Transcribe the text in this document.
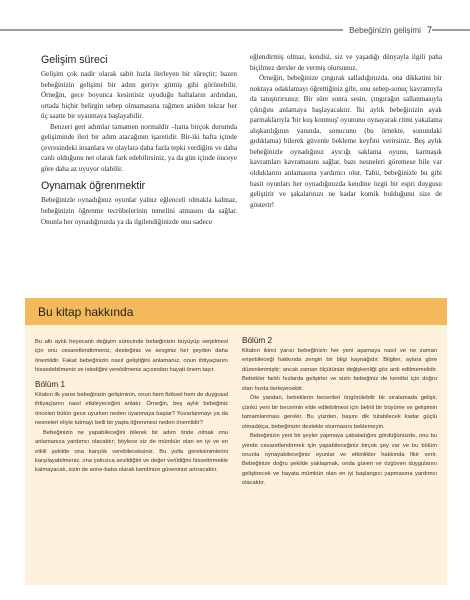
Bebeğinizin gelişimi 7
Gelişim süreci

Gelişim çok nadir olarak sabit hızla ilerleyen bir süreçtir; bazen bebeğinizin gelişimi bir adım geriye gitmiş gibi görünebilir. Örneğin, gece boyunca kesintisiz uyuduğu haftaların ardından, ortada hiçbir belirgin sebep olmamasına rağmen aniden tekrar her üç saatte bir uyanmaya başlayabilir.

Benzeri geri adımlar tamamen normaldir –hatta birçok durumda gelişiminde ileri bir adım atacağının işaretidir. Bir-iki hafta içinde çevresindeki insanlara ve olaylara daha fazla tepki verdiğini ve daha canlı olduğunu net olarak fark edebilirsiniz, ya da gün içinde önceye göre daha az uyuyor olabilir.

Oynamak öğrenmektir

Bebeğinizle oynadığınız oyunlar yalnız eğlenceli olmakla kalmaz, bebeğinizin öğrenme tecrübelerinin temelini atmasını da sağlar. Onunla her oynadığınızda ya da ilgilendiğinizde onu sadece

eğlendirmiş olmaz, kendisi, siz ve yaşadığı dünyayla ilgili paha biçilmez dersler de vermiş olursunuz.

Örneğin, bebeğinize çıngırak salladığınızda, ona dikkatini bir noktaya odaklamayı öğrettiğiniz gibi, onu sebep-sonuç kavramıyla da tanıştırırsınız: Bir süre sonra sesin, çıngırağın sallanmasıyla çıktığını anlamaya başlayacaktır. İki aylık bebeğinizin ayak parmaklarıyla 'bir kuş konmuş' oyununu oynayarak ritmi yakalama alışkanlığının yanında, sonucunu (bu örnekte, sonundaki gıdıklama) bilerek güvenle bekleme keyfini verirsiniz. Beş aylık bebeğinizle oynadığınız ayıcığı saklama oyunu, karmaşık kavramları kavramasını sağlar, bazı nesneleri göremese bile var olduklarını anlamasına yardımcı olur. Tabii, bebeğinizle bu gibi basit oyunları her oynadığınızda kendine özgü bir espri duygusu geliştirir ve şakalarınızı ne kadar komik bulduğunu size de gösterir!

Bu kitap hakkında

Bu altı aylık heyecanlı değişim sürecinde bebeğinizin büyüyüp serpilmesi için onu cesaretlendirmeniz, desteğiniz ve sevginiz her şeyden daha önemlidir. Fakat bebeğinizin nasıl geliştiğini anlamanız, onun ihtiyaçlarını hissedebilmeniz ve istediğini verebilmeniz açısından hayati önem taşır.

Bölüm 1

Kitabın ilk yarısı bebeğinizin gelişiminin, onun hem fiziksel hem de duygusal ihtiyaçlarını nasıl etkileyeceğini anlatır. Örneğin, beş aylık bebeğiniz önceleri bütün gece uyurken neden uyanmaya başlar? Yuvarlanmayı ya da nesneleri eliyle tutmayı belli bir yaşta öğrenmesi neden önemlidir?

Bebeğinizin ne yapabileceğini bilerek bir adım önde olmak onu anlamanıza yardımcı olacaktır; böylece siz de mümkün olan en iyi ve en etkili şekilde ona karşılık verebileceksiniz. Bu yolla gereksinimlerini karşılayabilmeniz, ona yalnızca sevildiğini ve değer verildiğini hissettirmekle kalmayacak, sizin de anne-baba olarak kendinize güveninizi artıracaktır.

Bölüm 2

Kitabın ikinci yarısı bebeğinizin her yeni aşamaya nasıl ve ne zaman erişebileceği hakkında zengin bir bilgi kaynağıdır. Bilgiler, aylara göre düzenlenmiştir; ancak zaman ölçütünün değişkenliği göz ardı edilmemelidir. Bebekler farklı hızlarda gelişirler ve sizin bebeğiniz de kendisi için doğru olan hızda ilerleyecektir.

Öte yandan, bebeklerin becerileri öngörülebilir bir sıralamada gelişir, çünkü yeni bir becerinin elde edilebilmesi için belirli bir büyüme ve gelişimin tamamlanması gerekir. Bu yüzden, başını dik tutabilecek kadar güçlü olmadıkça, bebeğinizin destekle oturmasını beklemeyin.

Bebeğinizin yeni bir şeyler yapmaya çabaladığını gördüğünüzde, onu bu yönde cesaretlendirmek için yapabileceğiniz birçok şey var ve bu bölüm onunla oynayabileceğiniz oyunlar ve etkinlikler hakkında fikir verir. Bebeğinize doğru şekilde yaklaşmak, onda güven ve özgüven duygularını geliştirecek ve hayata mümkün olan en iyi başlangıcı yapmasına yardımcı olacaktır.
